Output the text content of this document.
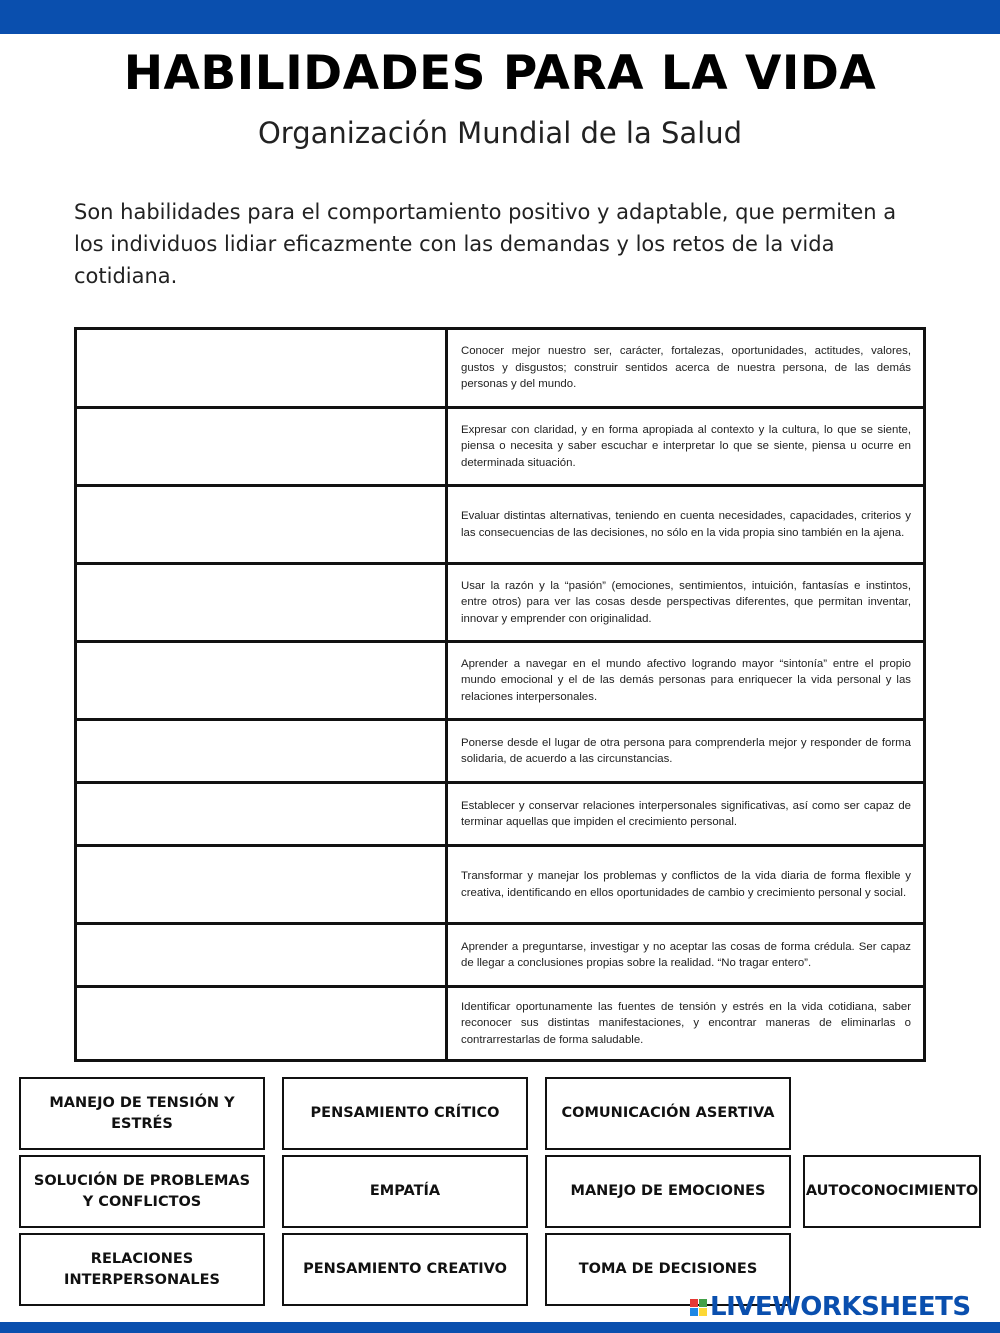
HABILIDADES PARA LA VIDA
Organización Mundial de la Salud
Son habilidades para el comportamiento positivo y adaptable, que permiten a los individuos lidiar eficazmente con las demandas y los retos de la vida cotidiana.
Conocer mejor nuestro ser, carácter, fortalezas, oportunidades, actitudes, valores, gustos y disgustos; construir sentidos acerca de nuestra persona, de las demás personas y del mundo.
Expresar con claridad, y en forma apropiada al contexto y la cultura, lo que se siente, piensa o necesita y saber escuchar e interpretar lo que se siente, piensa u ocurre en determinada situación.
Evaluar distintas alternativas, teniendo en cuenta necesidades, capacidades, criterios y las consecuencias de las decisiones, no sólo en la vida propia sino también en la ajena.
Usar la razón y la “pasión” (emociones, sentimientos, intuición, fantasías e instintos, entre otros) para ver las cosas desde perspectivas diferentes, que permitan inventar, innovar y emprender con originalidad.
Aprender a navegar en el mundo afectivo logrando mayor “sintonía” entre el propio mundo emocional y el de las demás personas para enriquecer la vida personal y las relaciones interpersonales.
Ponerse desde el lugar de otra persona para comprenderla mejor y responder de forma solidaria, de acuerdo a las circunstancias.
Establecer y conservar relaciones interpersonales significativas, así como ser capaz de terminar aquellas que impiden el crecimiento personal.
Transformar y manejar los problemas y conflictos de la vida diaria de forma flexible y creativa, identificando en ellos oportunidades de cambio y crecimiento personal y social.
Aprender a preguntarse, investigar y no aceptar las cosas de forma crédula. Ser capaz de llegar a conclusiones propias sobre la realidad. “No tragar entero”.
Identificar oportunamente las fuentes de tensión y estrés en la vida cotidiana, saber reconocer sus distintas manifestaciones, y encontrar maneras de eliminarlas o contrarrestarlas de forma saludable.
MANEJO DE TENSIÓN Y ESTRÉS
PENSAMIENTO CRÍTICO	COMUNICACIÓN ASERTIVA
SOLUCIÓN DE PROBLEMAS Y CONFLICTOS
EMPATÍA	MANEJO DE EMOCIONES	AUTOCONOCIMIENTO
RELACIONES INTERPERSONALES
PENSAMIENTO CREATIVO	TOMA DE DECISIONES
LIVEWORKSHEETS
